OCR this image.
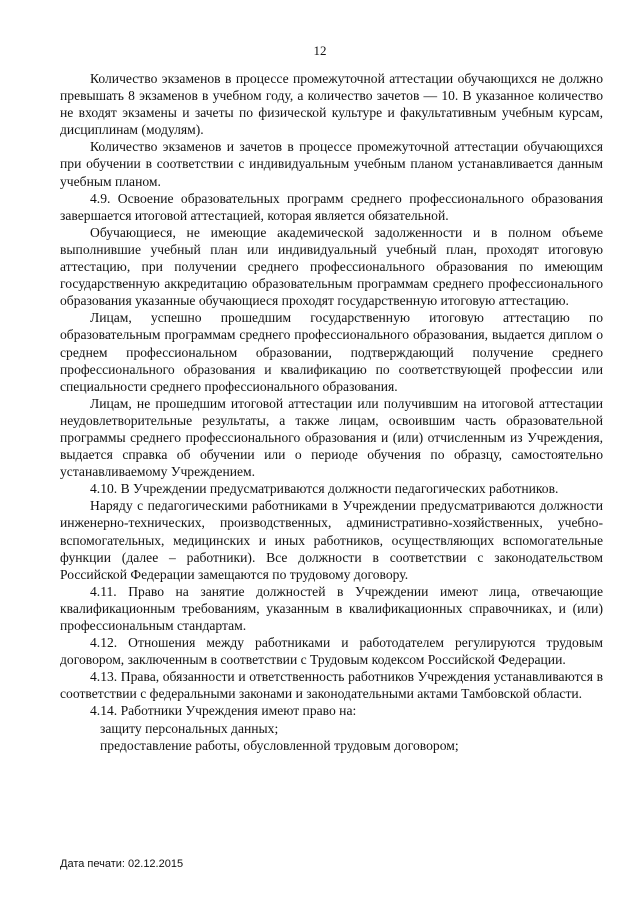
12

Количество экзаменов в процессе промежуточной аттестации обучающихся не должно превышать 8 экзаменов в учебном году, а количество зачетов — 10. В указанное количество не входят экзамены и зачеты по физической культуре и факультативным учебным курсам, дисциплинам (модулям).

Количество экзаменов и зачетов в процессе промежуточной аттестации обучающихся при обучении в соответствии с индивидуальным учебным планом устанавливается данным учебным планом.

4.9. Освоение образовательных программ среднего профессионального образования завершается итоговой аттестацией, которая является обязательной.

Обучающиеся, не имеющие академической задолженности и в полном объеме выполнившие учебный план или индивидуальный учебный план, проходят итоговую аттестацию, при получении среднего профессионального образования по имеющим государственную аккредитацию образовательным программам среднего профессионального образования указанные обучающиеся проходят государственную итоговую аттестацию.

Лицам, успешно прошедшим государственную итоговую аттестацию по образовательным программам среднего профессионального образования, выдается диплом о среднем профессиональном образовании, подтверждающий получение среднего профессионального образования и квалификацию по соответствующей профессии или специальности среднего профессионального образования.

Лицам, не прошедшим итоговой аттестации или получившим на итоговой аттестации неудовлетворительные результаты, а также лицам, освоившим часть образовательной программы среднего профессионального образования и (или) отчисленным из Учреждения, выдается справка об обучении или о периоде обучения по образцу, самостоятельно устанавливаемому Учреждением.

4.10. В Учреждении предусматриваются должности педагогических работников.

Наряду с педагогическими работниками в Учреждении предусматриваются должности инженерно-технических, производственных, административно-хозяйственных, учебно-вспомогательных, медицинских и иных работников, осуществляющих вспомогательные функции (далее – работники). Все должности в соответствии с законодательством Российской Федерации замещаются по трудовому договору.

4.11. Право на занятие должностей в Учреждении имеют лица, отвечающие квалификационным требованиям, указанным в квалификационных справочниках, и (или) профессиональным стандартам.

4.12. Отношения между работниками и работодателем регулируются трудовым договором, заключенным в соответствии с Трудовым кодексом Российской Федерации.

4.13. Права, обязанности и ответственность работников Учреждения устанавливаются в соответствии с федеральными законами и законодательными актами Тамбовской области.

4.14. Работники Учреждения имеют право на:

защиту персональных данных;

предоставление работы, обусловленной трудовым договором;

Дата печати: 02.12.2015
